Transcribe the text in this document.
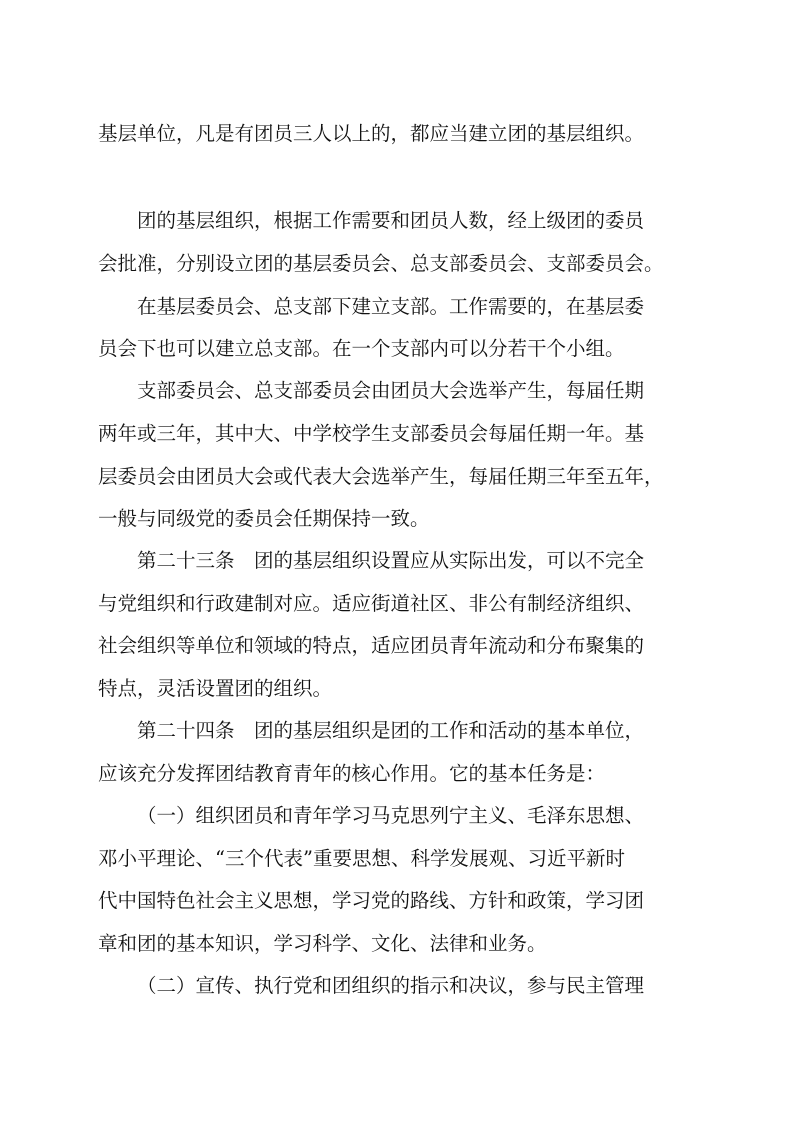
基层单位，凡是有团员三人以上的，都应当建立团的基层组织。
团的基层组织，根据工作需要和团员人数，经上级团的委员
会批准，分别设立团的基层委员会、总支部委员会、支部委员会。
在基层委员会、总支部下建立支部。工作需要的，在基层委
员会下也可以建立总支部。在一个支部内可以分若干个小组。
支部委员会、总支部委员会由团员大会选举产生，每届任期
两年或三年，其中大、中学校学生支部委员会每届任期一年。基
层委员会由团员大会或代表大会选举产生，每届任期三年至五年，
一般与同级党的委员会任期保持一致。
第二十三条　团的基层组织设置应从实际出发，可以不完全
与党组织和行政建制对应。适应街道社区、非公有制经济组织、
社会组织等单位和领域的特点，适应团员青年流动和分布聚集的
特点，灵活设置团的组织。
第二十四条　团的基层组织是团的工作和活动的基本单位，
应该充分发挥团结教育青年的核心作用。它的基本任务是：
（一）组织团员和青年学习马克思列宁主义、毛泽东思想、
邓小平理论、“三个代表”重要思想、科学发展观、习近平新时
代中国特色社会主义思想，学习党的路线、方针和政策，学习团
章和团的基本知识，学习科学、文化、法律和业务。
（二）宣传、执行党和团组织的指示和决议，参与民主管理
